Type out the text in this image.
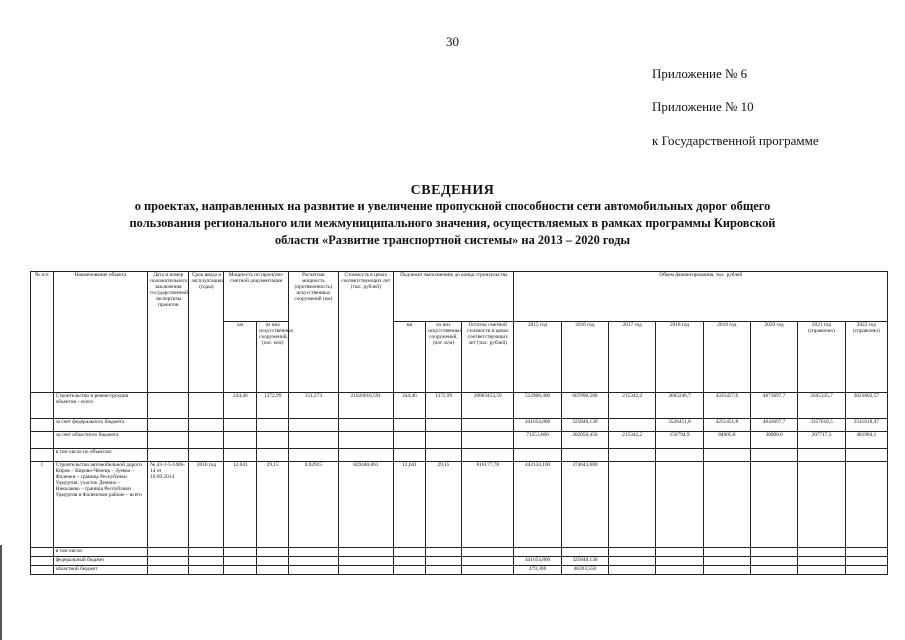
30
Приложение № 6
Приложение № 10
к Государственной программе
СВЕДЕНИЯ
о проектах, направленных на развитие и увеличение пропускной способности сети автомобильных дорог общего
пользования регионального или межмуниципального значения, осуществляемых в рамках программы Кировской
области «Развитие транспортной системы» на 2013 – 2020 годы
№ п/п	Наименование объекта	Дата и номер положительного заключения государственной экспертизы проектов	Срок ввода в эксплуатацию (годы)	Мощность по проектно-сметной документации		Расчетная мощность (протяженность) искусственных сооружений (км)	Стоимость в ценах соответствующих лет (тыс. рублей)	Подлежит выполнению до конца строительства			Объем финансирования, тыс. рублей							
				км	из них искусственных сооружений, (пог. м/м)			км	из них искусственных сооружений, (пог. м/м)	Остаток сметной стоимости в ценах соответствующих лет (тыс. рублей)	2015 год	2016 год	2017 год	2018 год	2019 год	2020 год	2021 год (справочно)	2022 год (справочно)
	Строительство и реконструкция объектов – всего			244,46	1372,99	131,273	21020016,591	244,46	1372,99	20803453,59	512908,400	607890,580	215342,2	3683246,7	4335457,6	4673697,7	3565335,7	3023602,57
	за счет федерального бюджета										441654,800	325840,130		3526451,8	4251451,8	4643697,7	3357618,5	2541618,47
	за счет областного бюджета										71253,600	282050,450	215342,2	156794,9	84005,8	30000,0	207717,3	481984,1
	в том числе по объектам:																	
1	Строительство автомобильной дороги Киров – Кирово-Чепецк – Зуевка – Фаленки – граница Республики Удмуртия, участок Демино – Николаево – граница Республики Удмуртия в Фаленском районе – всего	№ 43-1-5-1406-14 от 18.09.2014	2016 год	12,641	29,15	0,02915	829440,061	12,641	29,15	816177,78	442134,100	374043,680						
	в том числе:																	
	федеральный бюджет										441654,800	325840,130						
	областной бюджет										479,300	48203,550						
